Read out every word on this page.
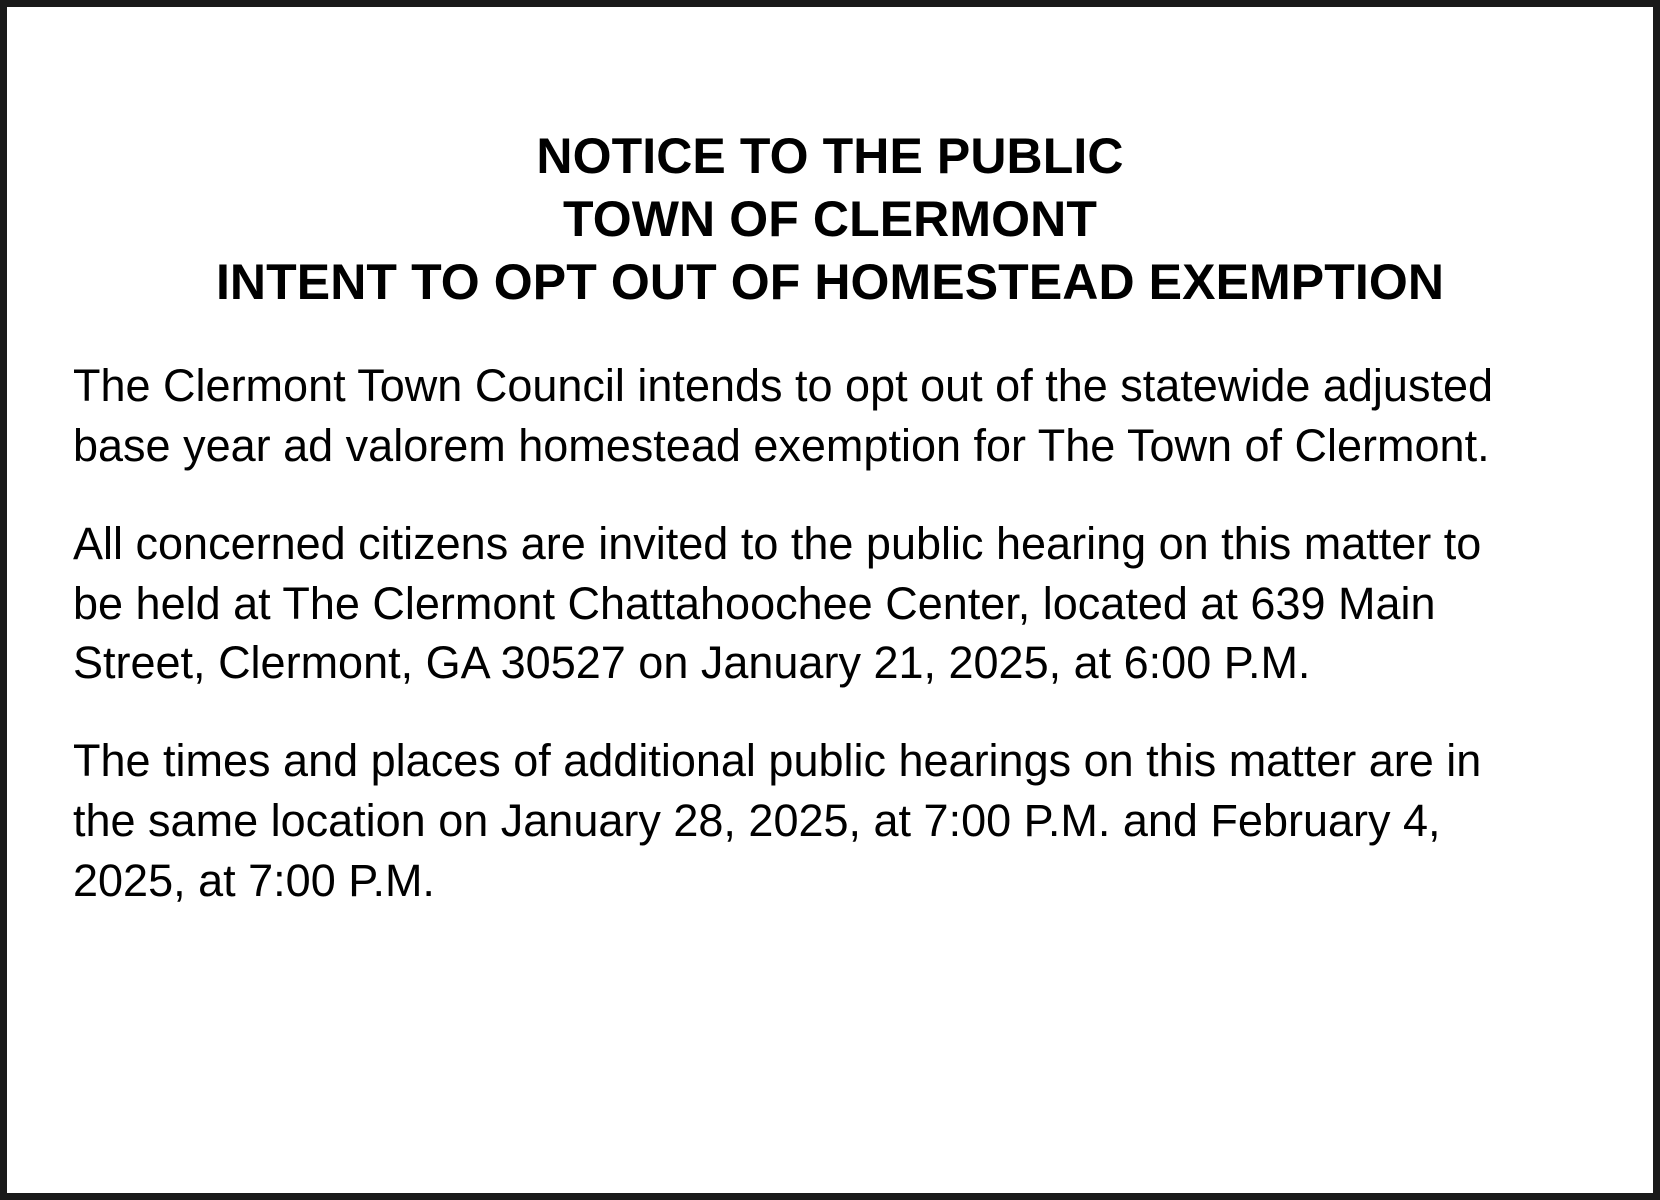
NOTICE TO THE PUBLIC
TOWN OF CLERMONT
INTENT TO OPT OUT OF HOMESTEAD EXEMPTION

The Clermont Town Council intends to opt out of the statewide adjusted base year ad valorem homestead exemption for The Town of Clermont.

All concerned citizens are invited to the public hearing on this matter to be held at The Clermont Chattahoochee Center, located at 639 Main Street, Clermont, GA 30527 on January 21, 2025, at 6:00 P.M.

The times and places of additional public hearings on this matter are in the same location on January 28, 2025, at 7:00 P.M. and February 4, 2025, at 7:00 P.M.
